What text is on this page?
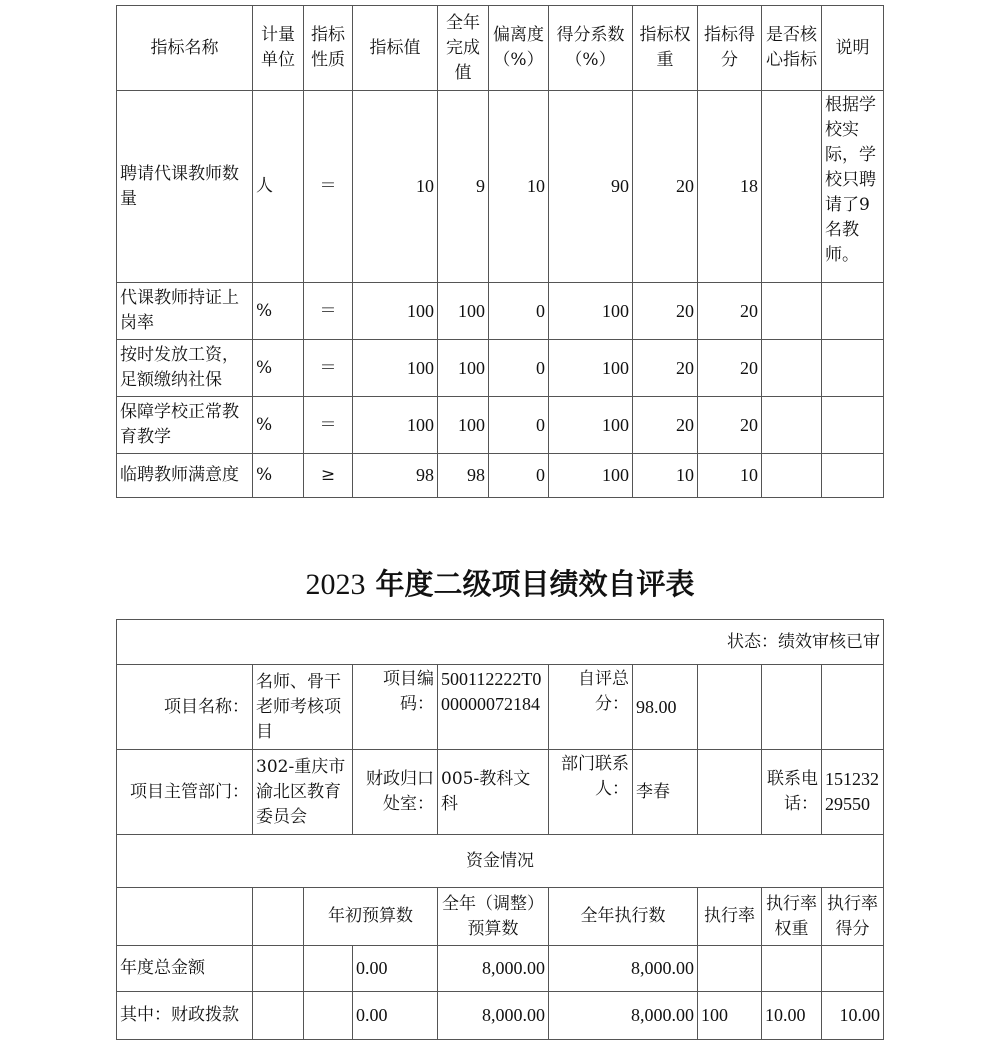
指标名称	计量单位	指标性质	指标值	全年完成值	偏离度（%）	得分系数（%）	指标权重	指标得分	是否核心指标	说明
聘请代课教师数量	人	＝	10	9	10	90	20	18		根据学校实际，学校只聘请了9名教师。
代课教师持证上岗率	%	＝	100	100	0	100	20	20		
按时发放工资，足额缴纳社保	%	＝	100	100	0	100	20	20		
保障学校正常教育教学	%	＝	100	100	0	100	20	20		
临聘教师满意度	%	≥	98	98	0	100	10	10		
2023 年度二级项目绩效自评表
状态：绩效审核已审									
项目名称：	名师、骨干老师考核项目		项目编码：	500112222T000000072184	自评总分：	98.00			
项目主管部门：	302-重庆市渝北区教育委员会		财政归口处室：	005-教科文科	部门联系人：	李春		联系电话：	15123229550
资金情况									
		年初预算数		全年（调整）预算数	全年执行数		执行率	执行率权重	执行率得分
年度总金额			0.00	8,000.00	8,000.00				
其中：财政拨款			0.00	8,000.00	8,000.00		100	10.00	10.00
